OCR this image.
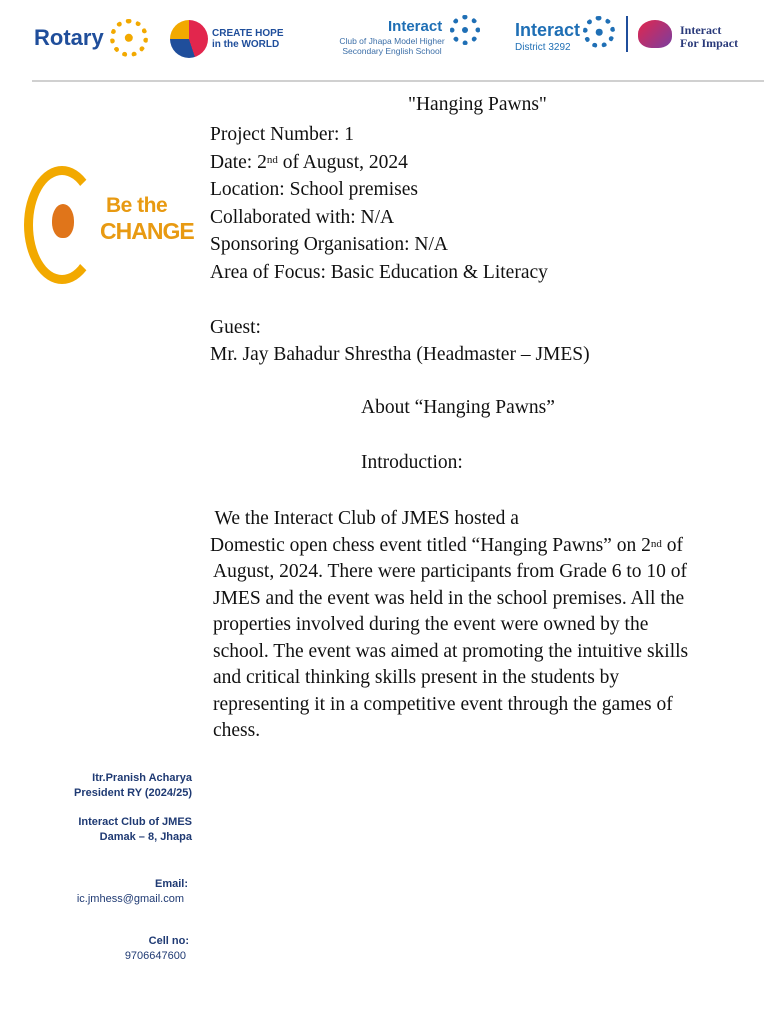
Rotary	CREATE HOPE
in the WORLD
Interact
Club of Jhapa Model Higher
Secondary English School
Interact
District 3292
Interact
For Impact
Be the
CHANGE
"Hanging Pawns"
Project Number: 1
Date: 2nd of August, 2024
Location: School premises
Collaborated with: N/A
Sponsoring Organisation: N/A
Area of Focus: Basic Education & Literacy
Guest:
Mr. Jay Bahadur Shrestha (Headmaster – JMES)
About “Hanging Pawns”
Introduction:
We the Interact Club of JMES hosted a
Domestic open chess event titled “Hanging Pawns” on 2nd of
August, 2024. There were participants from Grade 6 to 10 of
JMES and the event was held in the school premises. All the
properties involved during the event were owned by the
school. The event was aimed at promoting the intuitive skills
and critical thinking skills present in the students by
representing it in a competitive event through the games of
chess.
Itr.Pranish Acharya
President RY (2024/25)
Interact Club of JMES
Damak – 8, Jhapa
Email:
ic.jmhess@gmail.com
Cell no:
9706647600
